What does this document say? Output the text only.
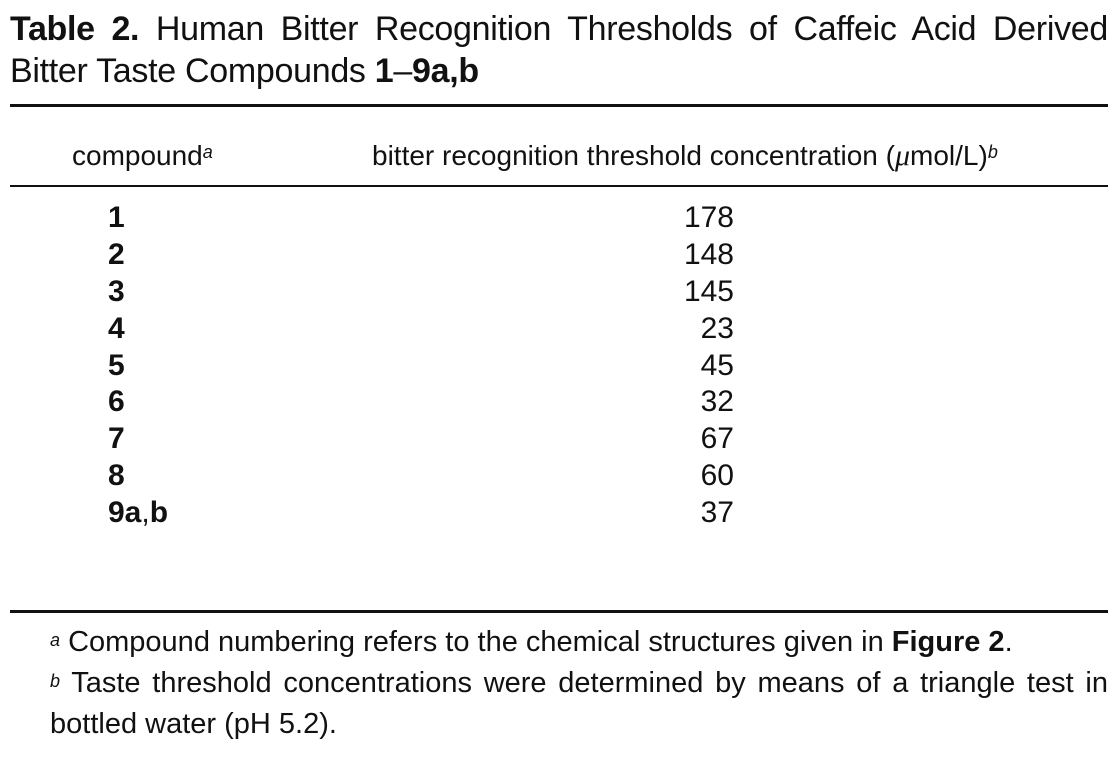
Table 2. Human Bitter Recognition Thresholds of Caffeic Acid Derived Bitter Taste Compounds 1–9a,b
compound$^a$	bitter recognition threshold concentration $(\mu mol/L)^b$
1	178
2	148
3	145
4	23
5	45
6	32
7	67
8	60
9a,b	37

$^a$ Compound numbering refers to the chemical structures given in Figure 2.
$^b$ Taste threshold concentrations were determined by means of a triangle test in bottled water (pH 5.2).
